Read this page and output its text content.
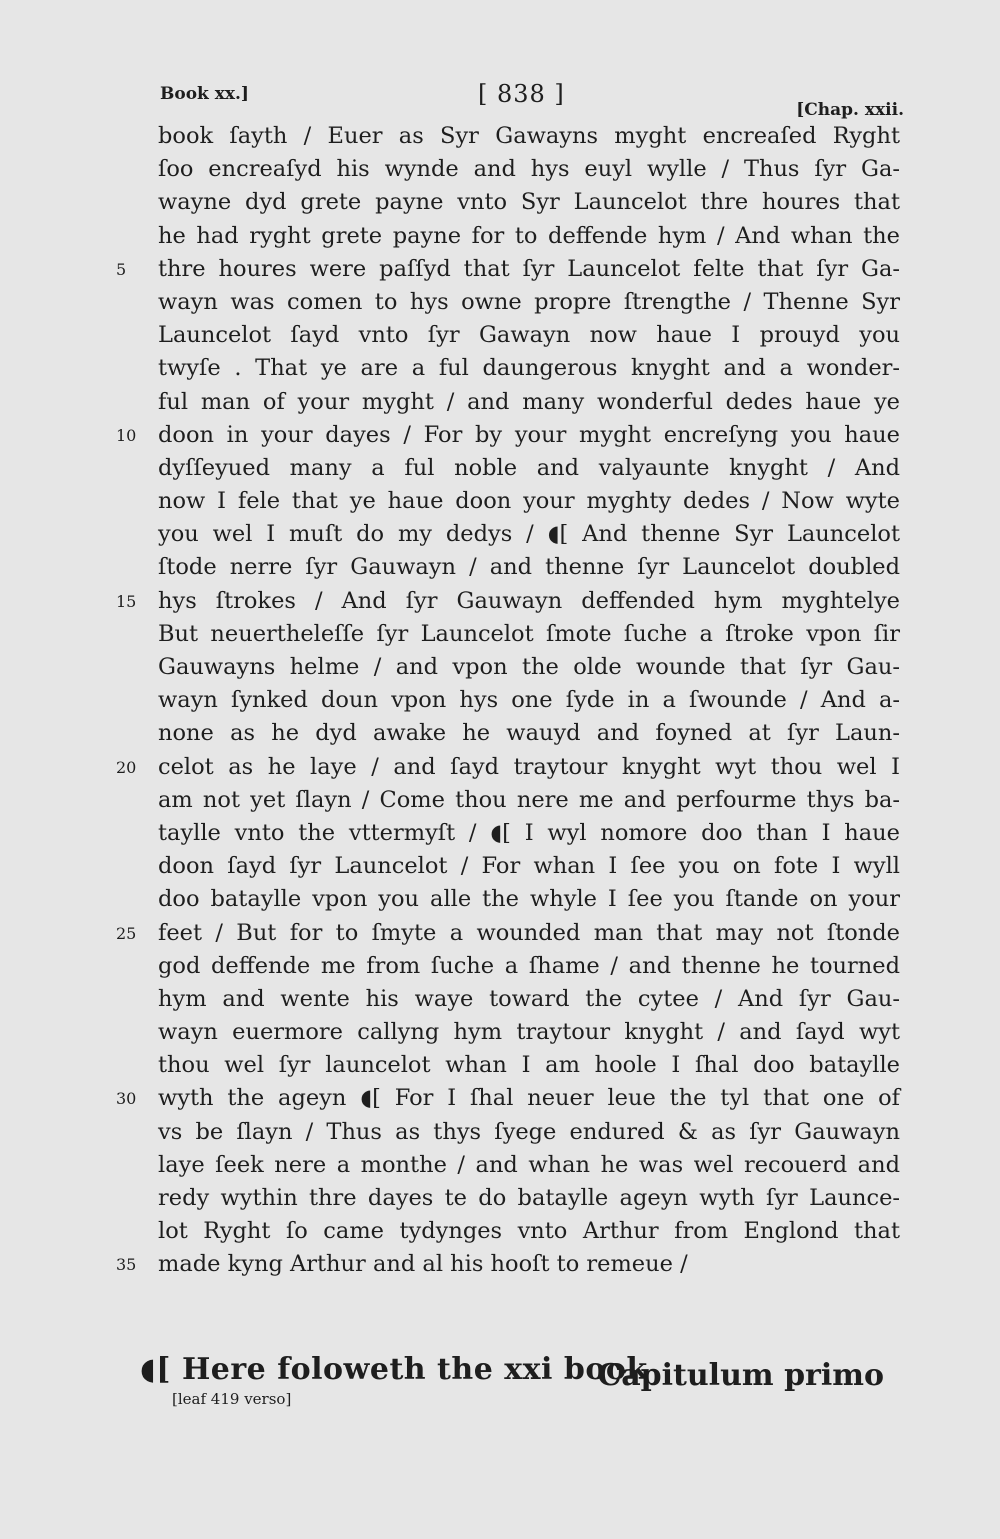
Book xx.]	[ 838 ]
[Chap. xxii.
book ſayth / Euer as Syr Gawayns myght encreaſed Ryght
ſoo encreaſyd his wynde and hys euyl wylle / Thus ſyr Ga-
wayne dyd grete payne vnto Syr Launcelot thre houres that
he had ryght grete payne for to deffende hym / And whan the
5	thre houres were paſſyd that ſyr Launcelot felte that ſyr Ga-
wayn was comen to hys owne propre ſtrengthe / Thenne Syr
Launcelot ſayd vnto ſyr Gawayn now haue I prouyd you
twyſe . That ye are a ful daungerous knyght and a wonder-
ful man of your myght / and many wonderful dedes haue ye
10 doon in your dayes / For by your myght encreſyng you haue
dyſſeyued many a ful noble and valyaunte knyght / And
now I fele that ye haue doon your myghty dedes / Now wyte
you wel I muſt do my dedys / ◖[ And thenne Syr Launcelot
ſtode nerre ſyr Gauwayn / and thenne ſyr Launcelot doubled
15 hys ſtrokes / And ſyr Gauwayn deffended hym myghtelye
But neuertheleſſe ſyr Launcelot ſmote ſuche a ſtroke vpon ſir
Gauwayns helme / and vpon the olde wounde that ſyr Gau-
wayn ſynked doun vpon hys one ſyde in a ſwounde / And a-
none as he dyd awake he wauyd and foyned at ſyr Laun-
20 celot as he laye / and ſayd traytour knyght wyt thou wel I
am not yet ſlayn / Come thou nere me and perfourme thys ba-
taylle vnto the vttermyſt / ◖[ I wyl nomore doo than I haue
doon ſayd ſyr Launcelot / For whan I ſee you on fote I wyll
doo bataylle vpon you alle the whyle I ſee you ſtande on your
25 feet / But for to ſmyte a wounded man that may not ſtonde
god deffende me from ſuche a ſhame / and thenne he tourned
hym and wente his waye toward the cytee / And ſyr Gau-
wayn euermore callyng hym traytour knyght / and ſayd wyt
thou wel ſyr launcelot whan I am hoole I ſhal doo bataylle
30 wyth the ageyn ◖[ For I ſhal neuer leue the tyl that one of
vs be ſlayn / Thus as thys ſyege endured & as ſyr Gauwayn
laye ſeek nere a monthe / and whan he was wel recouerd and
redy wythin thre dayes te do bataylle ageyn wyth ſyr Launce-
lot Ryght ſo came tydynges vnto Arthur from Englond that
35 made kyng Arthur and al his hooſt to remeue /
◖[ Here foloweth the xxi book
Capitulum primo
[leaf 419 verso]
